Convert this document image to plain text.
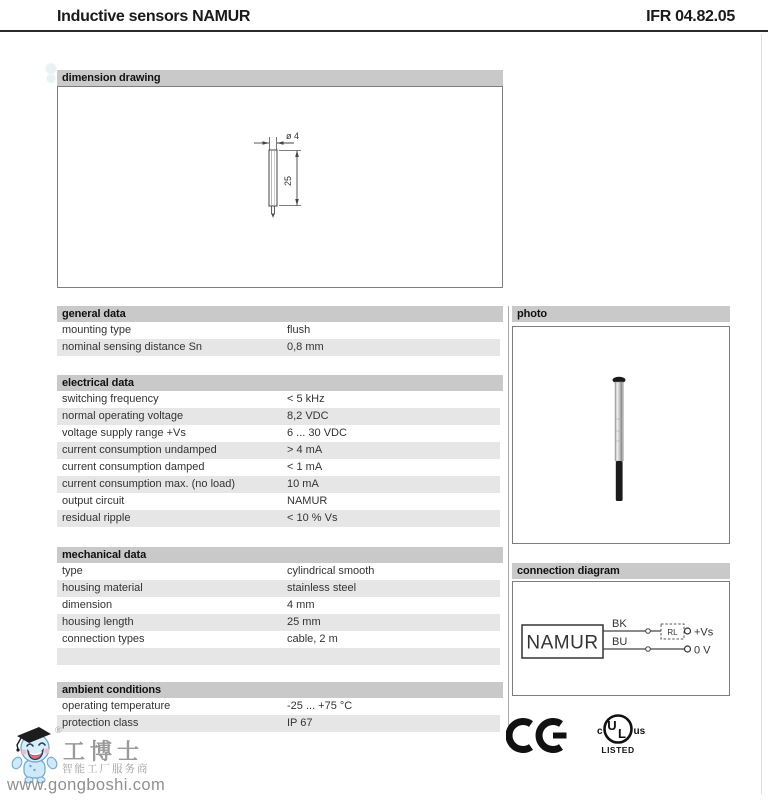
Inductive sensors NAMUR	IFR 04.82.05
dimension drawing
ø 4
25
general data
mounting type	flush
nominal sensing distance Sn	0,8 mm
electrical data
switching frequency	< 5 kHz
normal operating voltage	8,2 VDC
voltage supply range +Vs	6 ... 30 VDC
current consumption undamped	> 4 mA
current consumption damped	< 1 mA
current consumption max. (no load)	10 mA
output circuit	NAMUR
residual ripple	< 10 % Vs
mechanical data
type	cylindrical smooth
housing material	stainless steel
dimension	4 mm
housing length	25 mm
connection types	cable, 2 m
ambient conditions
operating temperature	-25 ... +75 °C
protection class	IP 67
photo
connection diagram
NAMUR
BK
BU
RL +Vs
0 V
U
L
c	us
LISTED
®
工博士
智能工厂服务商
www.gongboshi.com
